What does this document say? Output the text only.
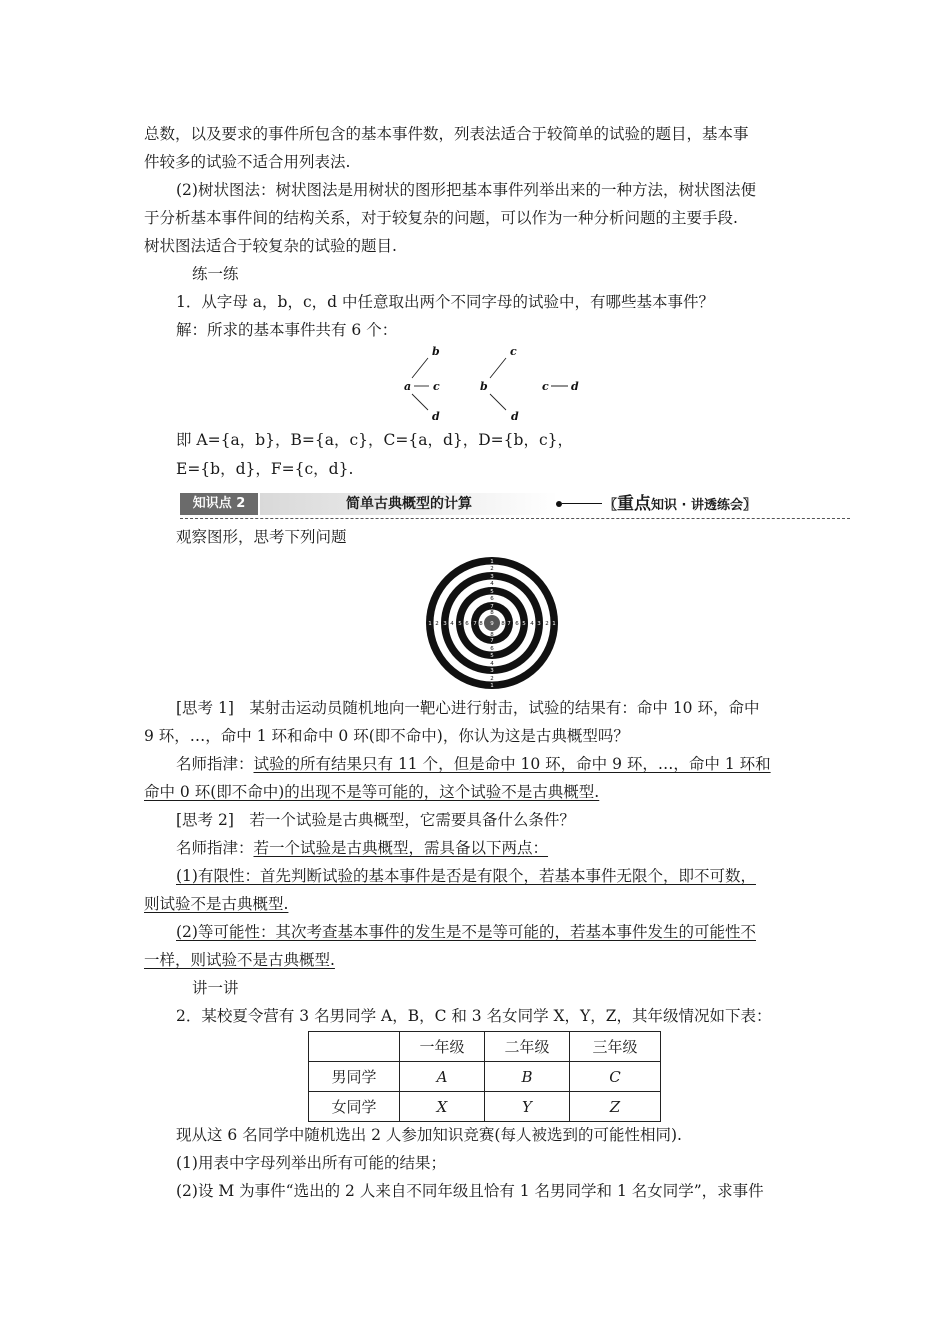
总数，以及要求的事件所包含的基本事件数，列表法适合于较简单的试验的题目，基本事
件较多的试验不适合用列表法.
(2)树状图法：树状图法是用树状的图形把基本事件列举出来的一种方法，树状图法便
于分析基本事件间的结构关系，对于较复杂的问题，可以作为一种分析问题的主要手段.
树状图法适合于较复杂的试验的题目.
练一练
1．从字母 a，b，c，d 中任意取出两个不同字母的试验中，有哪些基本事件？
解：所求的基本事件共有 6 个：
b
a c
d
c
b
d
c d
即 A={a，b}，B={a，c}，C={a，d}，D={b，c}，
E={b，d}，F={c，d}.
知识点 2	简单古典概型的计算	〖重点知识 · 讲透练会〗
观察图形，思考下列问题
1
1
1	1
2
2
2	2
3
3
3	3
4
4
4	4
5
5
5	5
6
6
6	6
7
7
7	7
8
8
8	8
9
[思考 1]　某射击运动员随机地向一靶心进行射击，试验的结果有：命中 10 环，命中
9 环，…，命中 1 环和命中 0 环(即不命中)，你认为这是古典概型吗？
名师指津：试验的所有结果只有 11 个，但是命中 10 环，命中 9 环，…，命中 1 环和
命中 0 环(即不命中)的出现不是等可能的，这个试验不是古典概型.
[思考 2]　若一个试验是古典概型，它需要具备什么条件？
名师指津：若一个试验是古典概型，需具备以下两点：
(1)有限性：首先判断试验的基本事件是否是有限个，若基本事件无限个，即不可数，
则试验不是古典概型.
(2)等可能性：其次考查基本事件的发生是不是等可能的，若基本事件发生的可能性不
一样，则试验不是古典概型.
讲一讲
2．某校夏令营有 3 名男同学 A，B，C 和 3 名女同学 X，Y，Z，其年级情况如下表：
	一年级	二年级	三年级
男同学	A	B	C
女同学	X	Y	Z
现从这 6 名同学中随机选出 2 人参加知识竞赛(每人被选到的可能性相同).
(1)用表中字母列举出所有可能的结果；
(2)设 M 为事件“选出的 2 人来自不同年级且恰有 1 名男同学和 1 名女同学”，求事件
